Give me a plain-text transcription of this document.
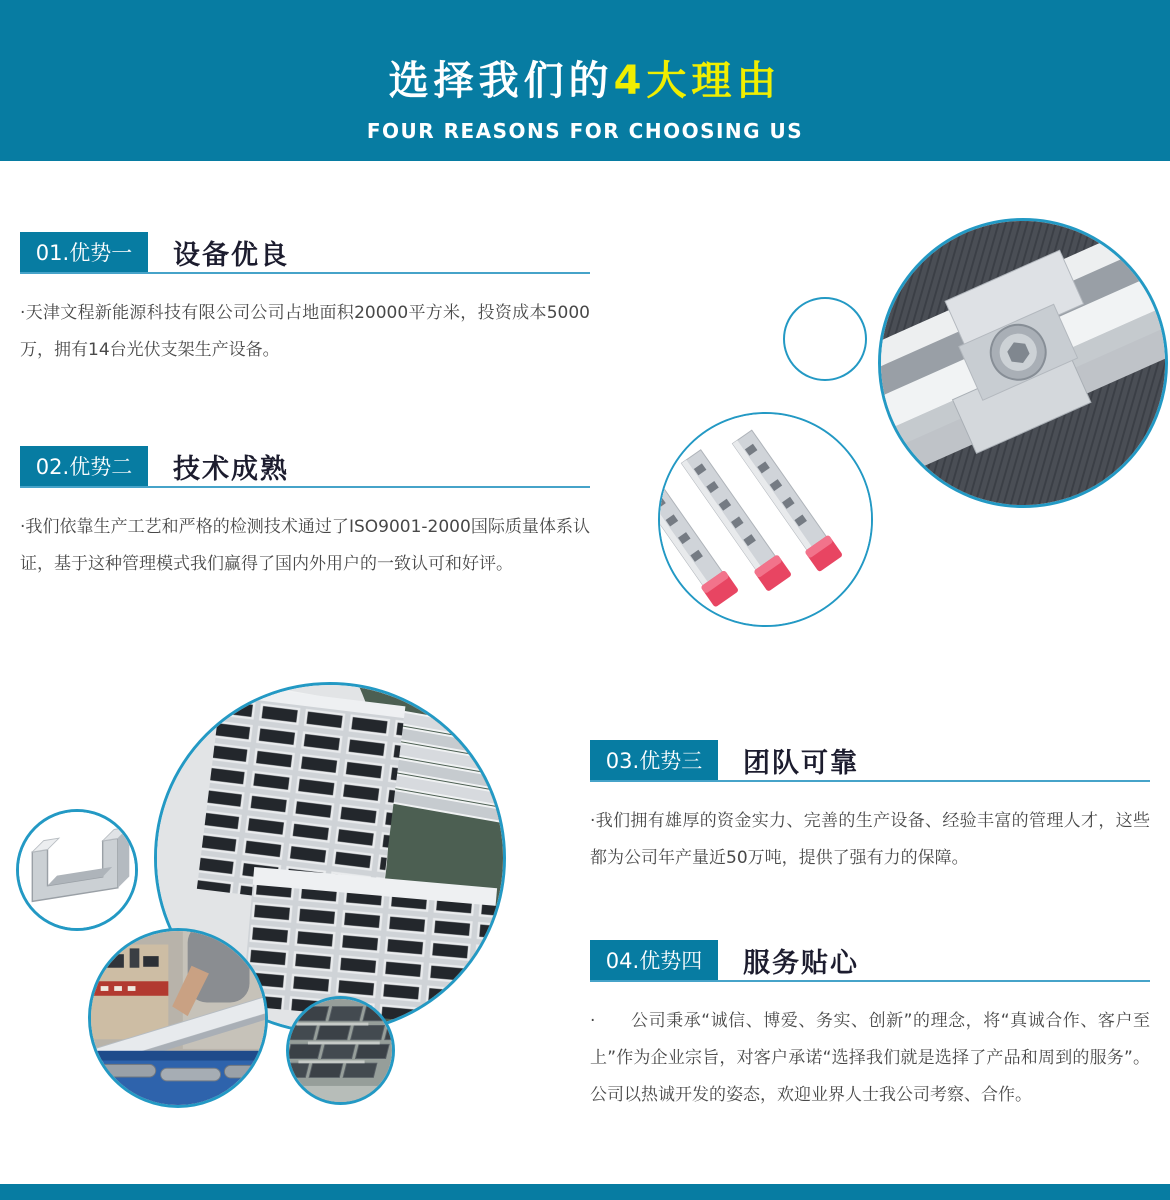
选择我们的4大理由
FOUR REASONS FOR CHOOSING US
01.优势一	设备优良

·天津文程新能源科技有限公司公司占地面积20000平方米，投资成本5000万，拥有14台光伏支架生产设备。

02.优势二	技术成熟

·我们依靠生产工艺和严格的检测技术通过了ISO9001-2000国际质量体系认证，基于这种管理模式我们赢得了国内外用户的一致认可和好评。

03.优势三	团队可靠

·我们拥有雄厚的资金实力、完善的生产设备、经验丰富的管理人才，这些都为公司年产量近50万吨，提供了强有力的保障。

04.优势四	服务贴心

·　　公司秉承“诚信、博爱、务实、创新”的理念，将“真诚合作、客户至上”作为企业宗旨，对客户承诺“选择我们就是选择了产品和周到的服务”。公司以热诚开发的姿态，欢迎业界人士我公司考察、合作。
